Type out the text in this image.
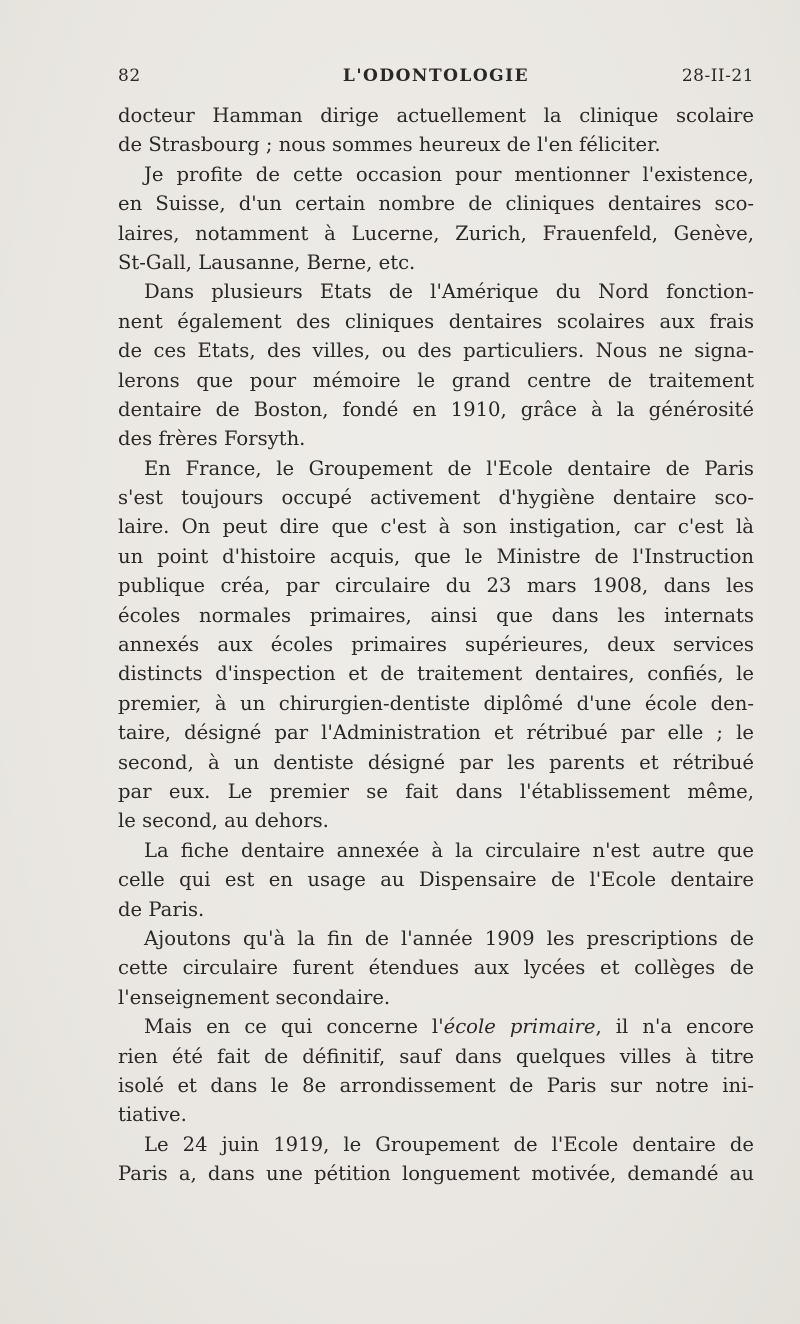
82	L'ODONTOLOGIE	28-II-21
docteur Hamman dirige actuellement la clinique scolaire
de Strasbourg ; nous sommes heureux de l'en féliciter.
Je profite de cette occasion pour mentionner l'existence,
en Suisse, d'un certain nombre de cliniques dentaires sco-
laires, notamment à Lucerne, Zurich, Frauenfeld, Genève,
St-Gall, Lausanne, Berne, etc.
Dans plusieurs Etats de l'Amérique du Nord fonction-
nent également des cliniques dentaires scolaires aux frais
de ces Etats, des villes, ou des particuliers. Nous ne signa-
lerons que pour mémoire le grand centre de traitement
dentaire de Boston, fondé en 1910, grâce à la générosité
des frères Forsyth.
En France, le Groupement de l'Ecole dentaire de Paris
s'est toujours occupé activement d'hygiène dentaire sco-
laire. On peut dire que c'est à son instigation, car c'est là
un point d'histoire acquis, que le Ministre de l'Instruction
publique créa, par circulaire du 23 mars 1908, dans les
écoles normales primaires, ainsi que dans les internats
annexés aux écoles primaires supérieures, deux services
distincts d'inspection et de traitement dentaires, confiés, le
premier, à un chirurgien-dentiste diplômé d'une école den-
taire, désigné par l'Administration et rétribué par elle ; le
second, à un dentiste désigné par les parents et rétribué
par eux. Le premier se fait dans l'établissement même,
le second, au dehors.
La fiche dentaire annexée à la circulaire n'est autre que
celle qui est en usage au Dispensaire de l'Ecole dentaire
de Paris.
Ajoutons qu'à la fin de l'année 1909 les prescriptions de
cette circulaire furent étendues aux lycées et collèges de
l'enseignement secondaire.
Mais en ce qui concerne l'école primaire, il n'a encore
rien été fait de définitif, sauf dans quelques villes à titre
isolé et dans le 8e arrondissement de Paris sur notre ini-
tiative.
Le 24 juin 1919, le Groupement de l'Ecole dentaire de
Paris a, dans une pétition longuement motivée, demandé au
